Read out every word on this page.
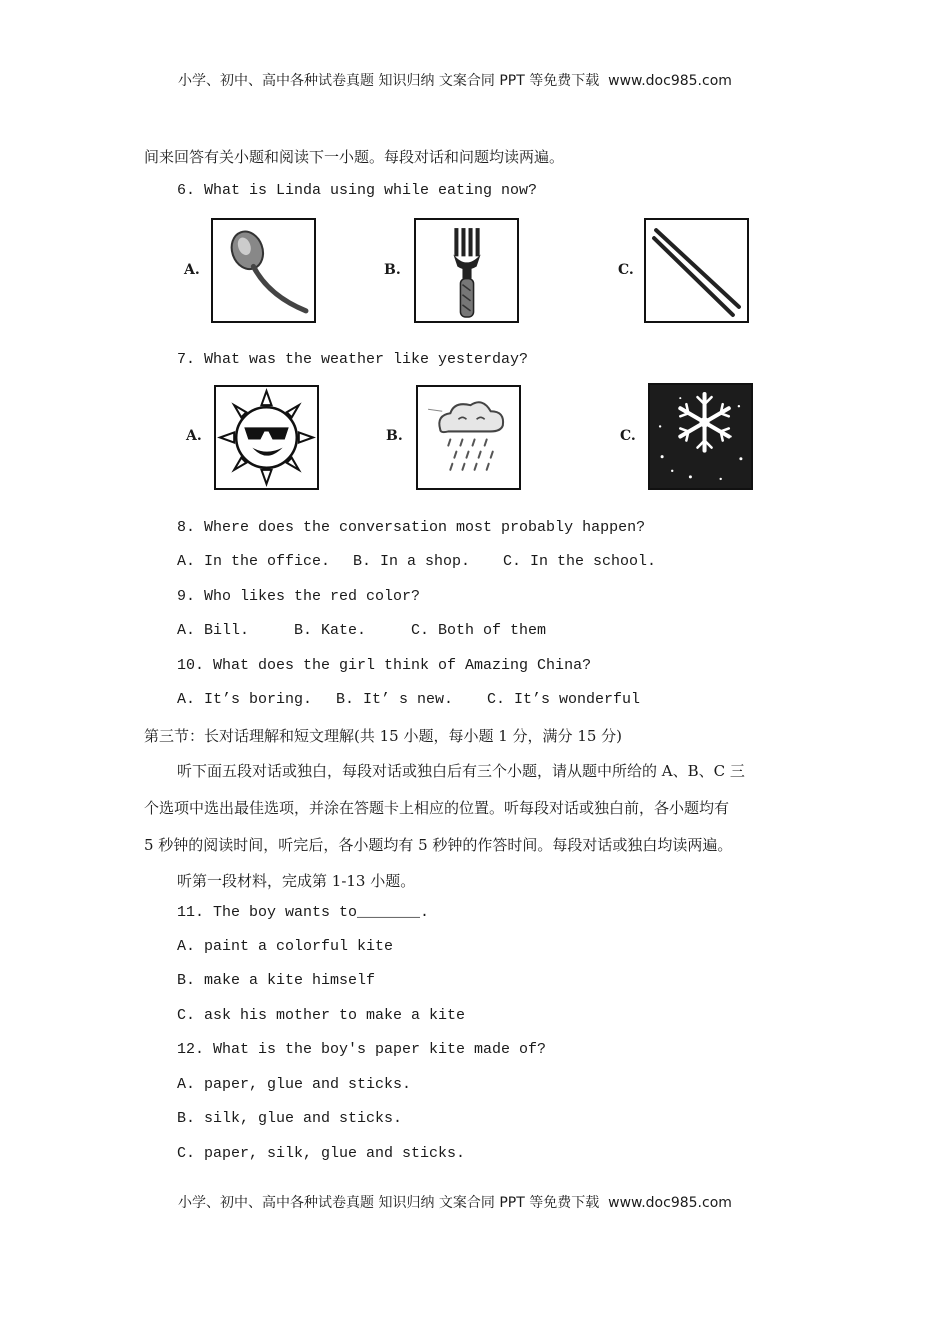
小学、初中、高中各种试卷真题 知识归纳 文案合同 PPT 等免费下载 www.doc985.com
间来回答有关小题和阅读下一小题。每段对话和问题均读两遍。
6. What is Linda using while eating now?
A.	B.	C.
7. What was the weather like yesterday?
A.	B.	C.
8. Where does the conversation most probably happen?
A. In the office. B. In a shop. C. In the school.
9. Who likes the red color?
A. Bill.	B. Kate.	C. Both of them
10. What does the girl think of Amazing China?
A. It’s boring. B. It’ s new. C. It’s wonderful
第三节：长对话理解和短文理解(共 15 小题，每小题 1 分，满分 15 分)
听下面五段对话或独白，每段对话或独白后有三个小题，请从题中所给的 A、B、C 三
个选项中选出最佳选项，并涂在答题卡上相应的位置。听每段对话或独白前，各小题均有
5 秒钟的阅读时间，听完后，各小题均有 5 秒钟的作答时间。每段对话或独白均读两遍。
听第一段材料，完成第 1-13 小题。
11. The boy wants to_______.
A. paint a colorful kite
B. make a kite himself
C. ask his mother to make a kite
12. What is the boy's paper kite made of?
A. paper, glue and sticks.
B. silk, glue and sticks.
C. paper, silk, glue and sticks.
小学、初中、高中各种试卷真题 知识归纳 文案合同 PPT 等免费下载 www.doc985.com
